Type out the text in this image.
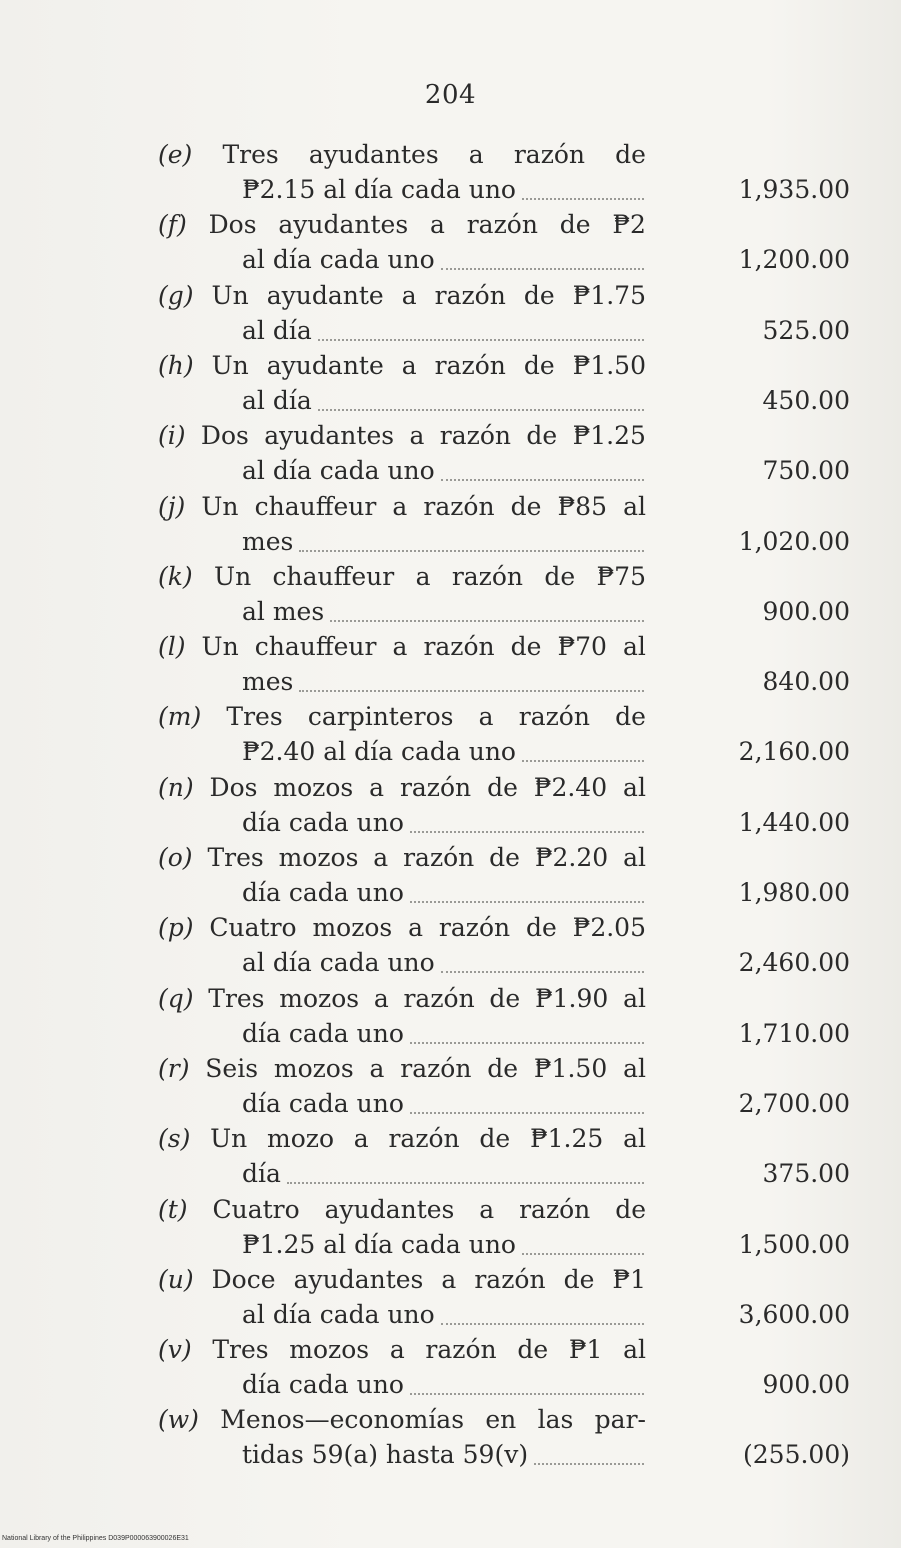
204
(e) Tres ayudantes a razón de
₱2.15 al día cada uno	1,935.00
(f) Dos ayudantes a razón de ₱2
al día cada uno	1,200.00
(g) Un ayudante a razón de ₱1.75
al día	525.00
(h) Un ayudante a razón de ₱1.50
al día	450.00
(i) Dos ayudantes a razón de ₱1.25
al día cada uno	750.00
(j) Un chauffeur a razón de ₱85 al
mes	1,020.00
(k) Un chauffeur a razón de ₱75
al mes	900.00
(l) Un chauffeur a razón de ₱70 al
mes	840.00
(m) Tres carpinteros a razón de
₱2.40 al día cada uno	2,160.00
(n) Dos mozos a razón de ₱2.40 al
día cada uno	1,440.00
(o) Tres mozos a razón de ₱2.20 al
día cada uno	1,980.00
(p) Cuatro mozos a razón de ₱2.05
al día cada uno	2,460.00
(q) Tres mozos a razón de ₱1.90 al
día cada uno	1,710.00
(r) Seis mozos a razón de ₱1.50 al
día cada uno	2,700.00
(s) Un mozo a razón de ₱1.25 al
día	375.00
(t) Cuatro ayudantes a razón de
₱1.25 al día cada uno	1,500.00
(u) Doce ayudantes a razón de ₱1
al día cada uno	3,600.00
(v) Tres mozos a razón de ₱1 al
día cada uno	900.00
(w) Menos—economías en las par-
tidas 59(a) hasta 59(v)	(255.00)
National Library of the Philippines D039P000063900026E31
